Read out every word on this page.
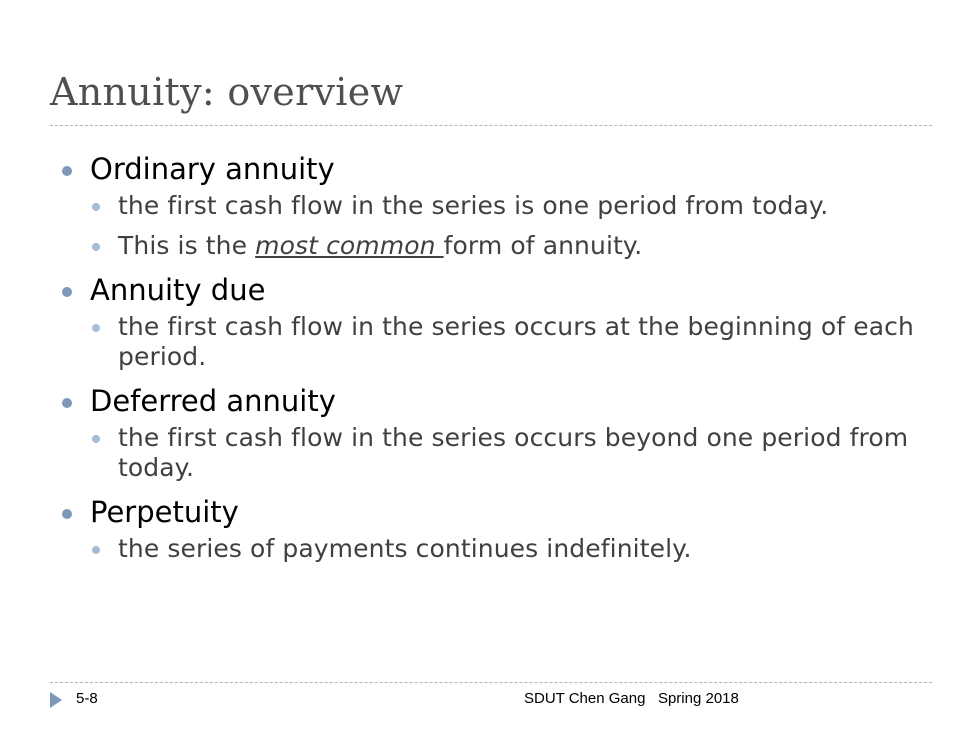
Annuity: overview
Ordinary annuity
the first cash flow in the series is one period from today.
This is the most common form of annuity.
Annuity due
the first cash flow in the series occurs at the beginning of each period.
Deferred annuity
the first cash flow in the series occurs beyond one period from today.
Perpetuity
the series of payments continues indefinitely.
5-8	SDUT Chen Gang   Spring 2018
